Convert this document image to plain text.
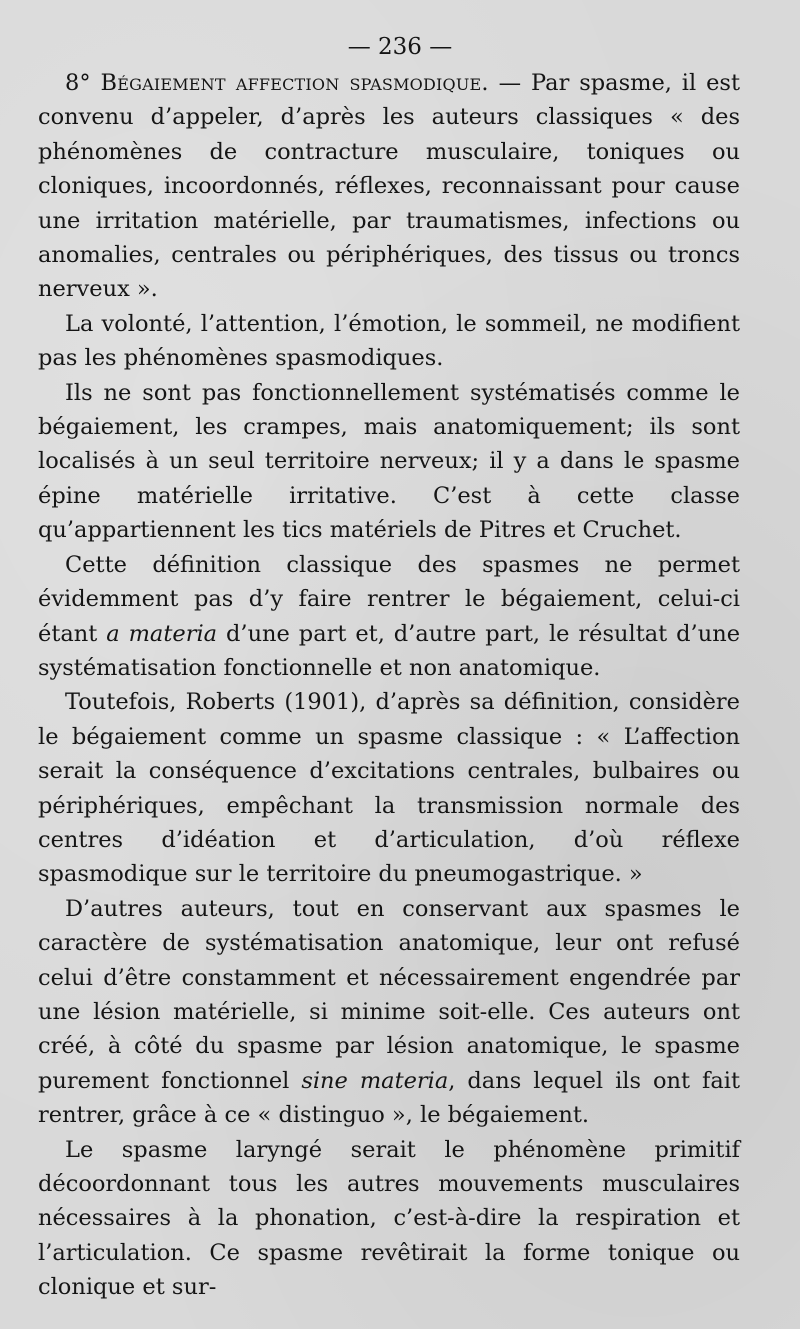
— 236 —

8° Bégaiement affection spasmodique. — Par spasme, il est convenu d’appeler, d’après les auteurs classiques « des phénomènes de contracture musculaire, toniques ou cloniques, incoordonnés, réflexes, reconnaissant pour cause une irritation matérielle, par traumatismes, infections ou anomalies, centrales ou périphériques, des tissus ou troncs nerveux ».

La volonté, l’attention, l’émotion, le sommeil, ne modifient pas les phénomènes spasmodiques.

Ils ne sont pas fonctionnellement systématisés comme le bégaiement, les crampes, mais anatomiquement; ils sont localisés à un seul territoire nerveux; il y a dans le spasme épine matérielle irritative. C’est à cette classe qu’appartiennent les tics matériels de Pitres et Cruchet.

Cette définition classique des spasmes ne permet évidemment pas d’y faire rentrer le bégaiement, celui-ci étant a materia d’une part et, d’autre part, le résultat d’une systématisation fonctionnelle et non anatomique.

Toutefois, Roberts (1901), d’après sa définition, considère le bégaiement comme un spasme classique : « L’affection serait la conséquence d’excitations centrales, bulbaires ou périphériques, empêchant la transmission normale des centres d’idéation et d’articulation, d’où réflexe spasmodique sur le territoire du pneumogastrique. »

D’autres auteurs, tout en conservant aux spasmes le caractère de systématisation anatomique, leur ont refusé celui d’être constamment et nécessairement engendrée par une lésion matérielle, si minime soit-elle. Ces auteurs ont créé, à côté du spasme par lésion anatomique, le spasme purement fonctionnel sine materia, dans lequel ils ont fait rentrer, grâce à ce « distinguo », le bégaiement.

Le spasme laryngé serait le phénomène primitif décoordonnant tous les autres mouvements musculaires nécessaires à la phonation, c’est-à-dire la respiration et l’articulation. Ce spasme revêtirait la forme tonique ou clonique et sur-
